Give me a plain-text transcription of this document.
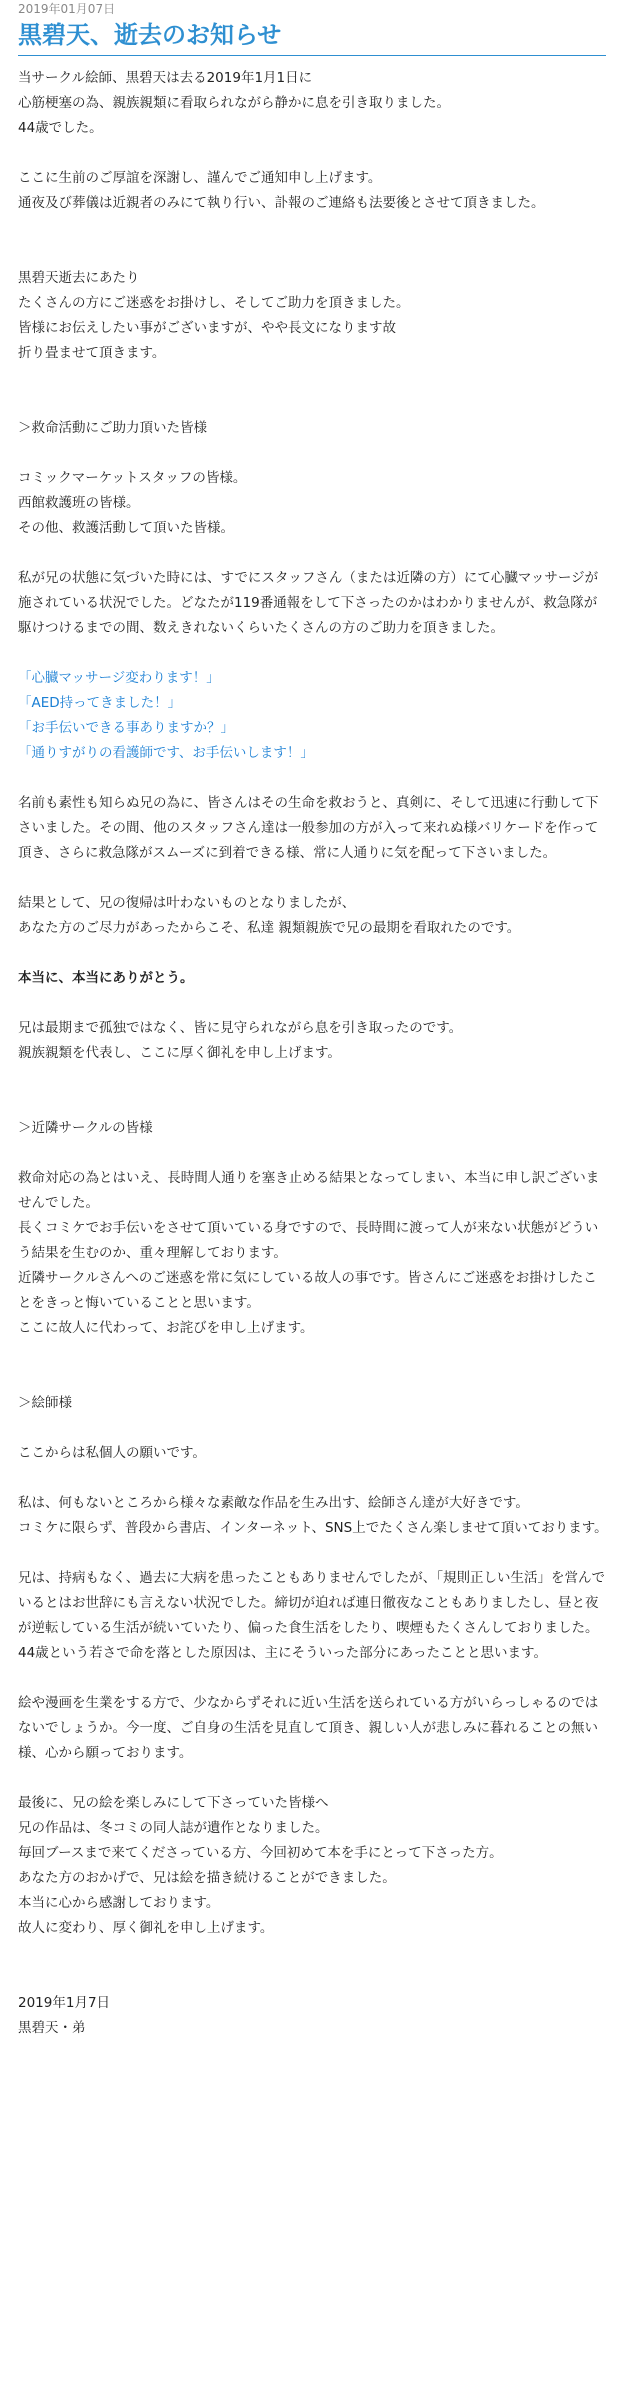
2019年01月07日
黒碧天、逝去のお知らせ
当サークル絵師、黒碧天は去る2019年1月1日に
心筋梗塞の為、親族親類に看取られながら静かに息を引き取りました。
44歳でした。
ここに生前のご厚誼を深謝し、謹んでご通知申し上げます。
通夜及び葬儀は近親者のみにて執り行い、訃報のご連絡も法要後とさせて頂きました。
黒碧天逝去にあたり
たくさんの方にご迷惑をお掛けし、そしてご助力を頂きました。
皆様にお伝えしたい事がございますが、やや長文になります故
折り畳ませて頂きます。
＞救命活動にご助力頂いた皆様
コミックマーケットスタッフの皆様。
西館救護班の皆様。
その他、救護活動して頂いた皆様。
私が兄の状態に気づいた時には、すでにスタッフさん（または近隣の方）にて心臓マッサージが施されている状況でした。どなたが119番通報をして下さったのかはわかりませんが、救急隊が駆けつけるまでの間、数えきれないくらいたくさんの方のご助力を頂きました。
「心臓マッサージ変わります！」
「AED持ってきました！」
「お手伝いできる事ありますか？」
「通りすがりの看護師です、お手伝いします！」
名前も素性も知らぬ兄の為に、皆さんはその生命を救おうと、真剣に、そして迅速に行動して下さいました。その間、他のスタッフさん達は一般参加の方が入って来れぬ様バリケードを作って頂き、さらに救急隊がスムーズに到着できる様、常に人通りに気を配って下さいました。
結果として、兄の復帰は叶わないものとなりましたが、
あなた方のご尽力があったからこそ、私達 親類親族で兄の最期を看取れたのです。
本当に、本当にありがとう。
兄は最期まで孤独ではなく、皆に見守られながら息を引き取ったのです。
親族親類を代表し、ここに厚く御礼を申し上げます。
＞近隣サークルの皆様
救命対応の為とはいえ、長時間人通りを塞き止める結果となってしまい、本当に申し訳ございませんでした。
長くコミケでお手伝いをさせて頂いている身ですので、長時間に渡って人が来ない状態がどういう結果を生むのか、重々理解しております。
近隣サークルさんへのご迷惑を常に気にしている故人の事です。皆さんにご迷惑をお掛けしたことをきっと悔いていることと思います。
ここに故人に代わって、お詫びを申し上げます。
＞絵師様
ここからは私個人の願いです。
私は、何もないところから様々な素敵な作品を生み出す、絵師さん達が大好きです。
コミケに限らず、普段から書店、インターネット、SNS上でたくさん楽しませて頂いております。
兄は、持病もなく、過去に大病を患ったこともありませんでしたが、「規則正しい生活」を営んでいるとはお世辞にも言えない状況でした。締切が迫れば連日徹夜なこともありましたし、昼と夜が逆転している生活が続いていたり、偏った食生活をしたり、喫煙もたくさんしておりました。
44歳という若さで命を落とした原因は、主にそういった部分にあったことと思います。
絵や漫画を生業をする方で、少なからずそれに近い生活を送られている方がいらっしゃるのではないでしょうか。今一度、ご自身の生活を見直して頂き、親しい人が悲しみに暮れることの無い様、心から願っております。
最後に、兄の絵を楽しみにして下さっていた皆様へ
兄の作品は、冬コミの同人誌が遺作となりました。
毎回ブースまで来てくださっている方、今回初めて本を手にとって下さった方。
あなた方のおかげで、兄は絵を描き続けることができました。
本当に心から感謝しております。
故人に変わり、厚く御礼を申し上げます。
2019年1月7日
黒碧天・弟
